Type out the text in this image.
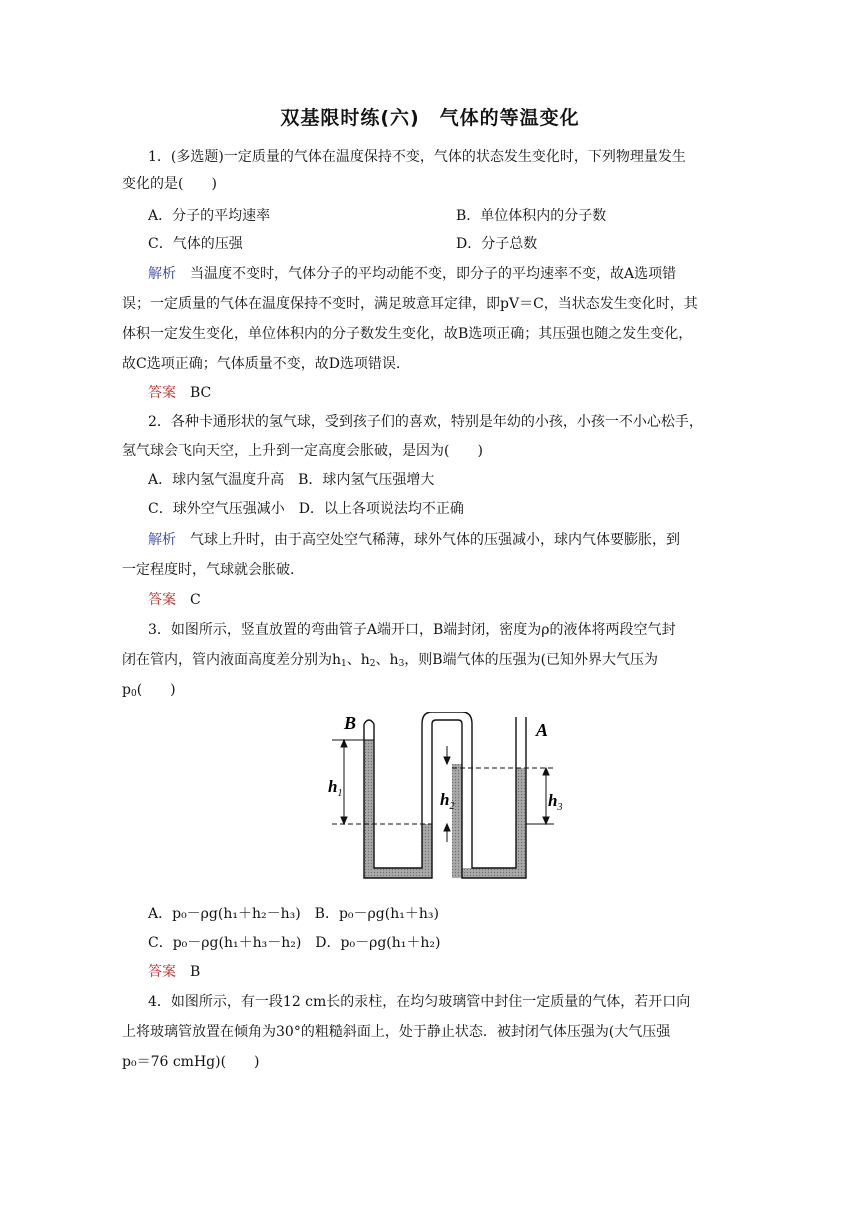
双基限时练(六)　气体的等温变化
1．(多选题)一定质量的气体在温度保持不变，气体的状态发生变化时，下列物理量发生
变化的是(　　)
A．分子的平均速率	B．单位体积内的分子数
C．气体的压强	D．分子总数
解析 当温度不变时，气体分子的平均动能不变，即分子的平均速率不变，故A选项错
误；一定质量的气体在温度保持不变时，满足玻意耳定律，即pV＝C，当状态发生变化时，其
体积一定发生变化，单位体积内的分子数发生变化，故B选项正确；其压强也随之发生变化，
故C选项正确；气体质量不变，故D选项错误.
答案 BC
2．各种卡通形状的氢气球，受到孩子们的喜欢，特别是年幼的小孩，小孩一不小心松手，
氢气球会飞向天空，上升到一定高度会胀破，是因为(　　)
A．球内氢气温度升高　B．球内氢气压强增大
C．球外空气压强减小　D．以上各项说法均不正确
解析 气球上升时，由于高空处空气稀薄，球外气体的压强减小，球内气体要膨胀，到
一定程度时，气球就会胀破.
答案 C
3．如图所示，竖直放置的弯曲管子A端开口，B端封闭，密度为ρ的液体将两段空气封
闭在管内，管内液面高度差分别为$h_1$、$h_2$、$h_3$，则B端气体的压强为(已知外界大气压为
$p_0$(　　)
B	A
$h_1$	$h_2$	$h_3$
A．p₀－ρg(h₁＋h₂－h₃)　B．p₀－ρg(h₁＋h₃)
C．p₀－ρg(h₁＋h₃－h₂)　D．p₀－ρg(h₁＋h₂)
答案 B
4．如图所示，有一段12 cm长的汞柱，在均匀玻璃管中封住一定质量的气体，若开口向
上将玻璃管放置在倾角为30°的粗糙斜面上，处于静止状态．被封闭气体压强为(大气压强
p₀＝76 cmHg)(　　)
